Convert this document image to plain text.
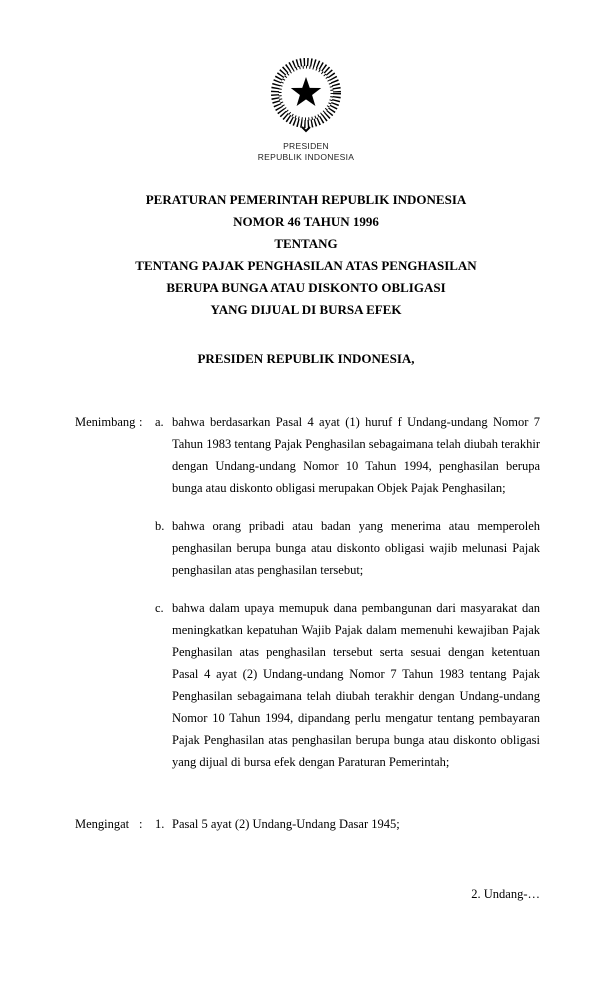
PRESIDEN
REPUBLIK INDONESIA
PERATURAN PEMERINTAH REPUBLIK INDONESIA
NOMOR 46 TAHUN 1996
TENTANG
TENTANG PAJAK PENGHASILAN ATAS PENGHASILAN
BERUPA BUNGA ATAU DISKONTO OBLIGASI
YANG DIJUAL DI BURSA EFEK
PRESIDEN REPUBLIK INDONESIA,
Menimbang :	a. bahwa berdasarkan Pasal 4 ayat (1) huruf f Undang-undang Nomor 7 Tahun 1983 tentang Pajak Penghasilan sebagaimana telah diubah terakhir dengan Undang-undang Nomor 10 Tahun 1994, penghasilan berupa bunga atau diskonto obligasi merupakan Objek Pajak Penghasilan;
b. bahwa orang pribadi atau badan yang menerima atau memperoleh penghasilan berupa bunga atau diskonto obligasi wajib melunasi Pajak penghasilan atas penghasilan tersebut;
c. bahwa dalam upaya memupuk dana pembangunan dari masyarakat dan meningkatkan kepatuhan Wajib Pajak dalam memenuhi kewajiban Pajak Penghasilan atas penghasilan tersebut serta sesuai dengan ketentuan Pasal 4 ayat (2) Undang-undang Nomor 7 Tahun 1983 tentang Pajak Penghasilan sebagaimana telah diubah terakhir dengan Undang-undang Nomor 10 Tahun 1994, dipandang perlu mengatur tentang pembayaran Pajak Penghasilan atas penghasilan berupa bunga atau diskonto obligasi yang dijual di bursa efek dengan Paraturan Pemerintah;
Mengingat :	1. Pasal 5 ayat (2) Undang-Undang Dasar 1945;
2. Undang-…
